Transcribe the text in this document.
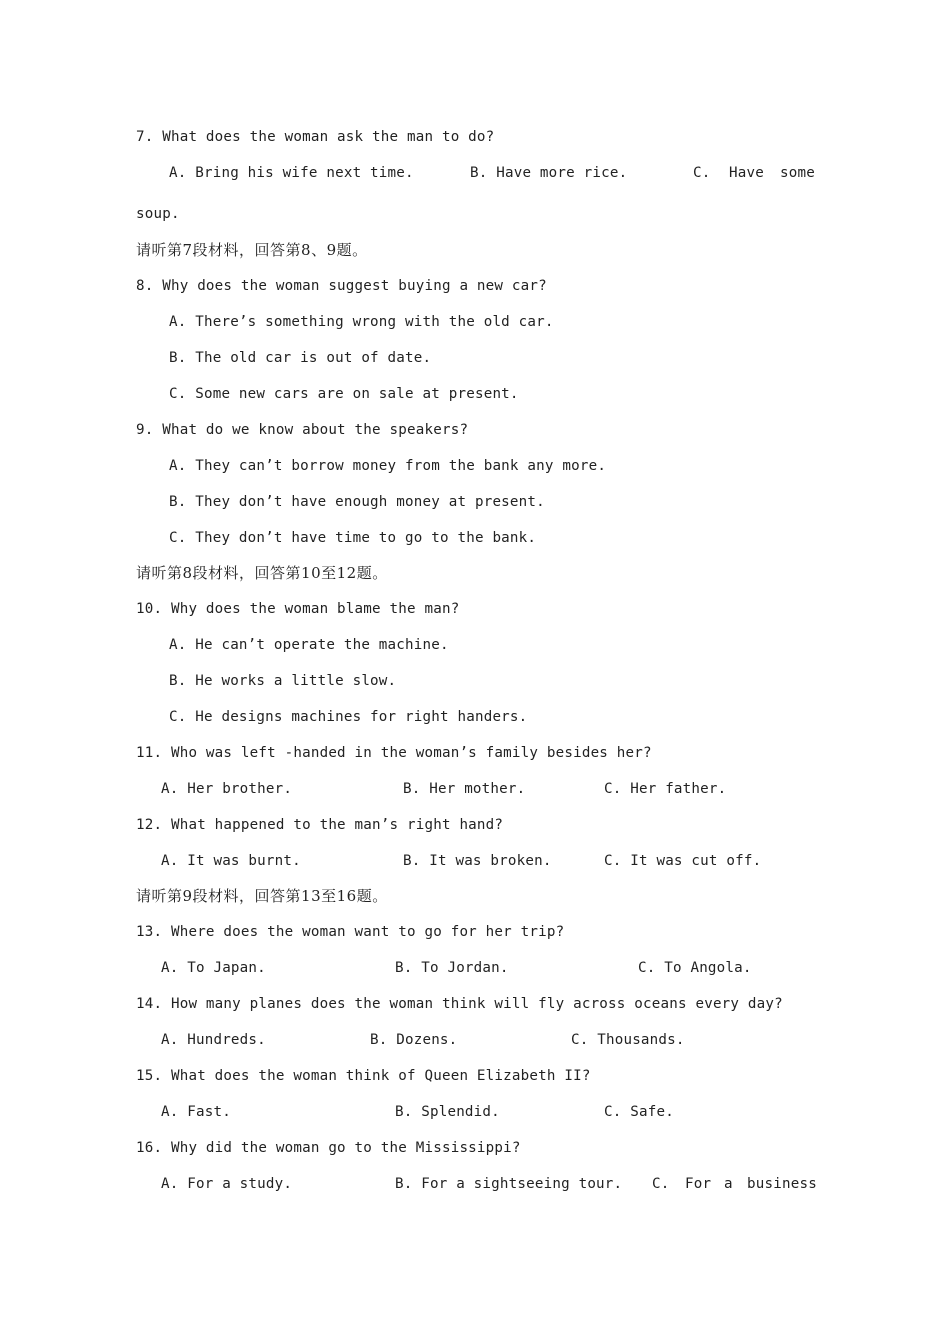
7. What does the woman ask the man to do?
A. Bring his wife next time.	B. Have more rice.	C. Have some
soup.
请听第7段材料，回答第8、9题。
8. Why does the woman suggest buying a new car?
A. There’s something wrong with the old car.
B. The old car is out of date.
C. Some new cars are on sale at present.
9. What do we know about the speakers?
A. They can’t borrow money from the bank any more.
B. They don’t have enough money at present.
C. They don’t have time to go to the bank.
请听第8段材料，回答第10至12题。
10. Why does the woman blame the man?
A. He can’t operate the machine.
B. He works a little slow.
C. He designs machines for right handers.
11. Who was left -handed in the woman’s family besides her?
A. Her brother.	B. Her mother.	C. Her father.
12. What happened to the man’s right hand?
A. It was burnt.	B. It was broken.	C. It was cut off.
请听第9段材料，回答第13至16题。
13. Where does the woman want to go for her trip?
A. To Japan.	B. To Jordan.	C. To Angola.
14. How many planes does the woman think will fly across oceans every day?
A. Hundreds.	B. Dozens.	C. Thousands.
15. What does the woman think of Queen Elizabeth II?
A. Fast.	B. Splendid.	C. Safe.
16. Why did the woman go to the Mississippi?
A. For a study.	B. For a sightseeing tour. C. For a business
